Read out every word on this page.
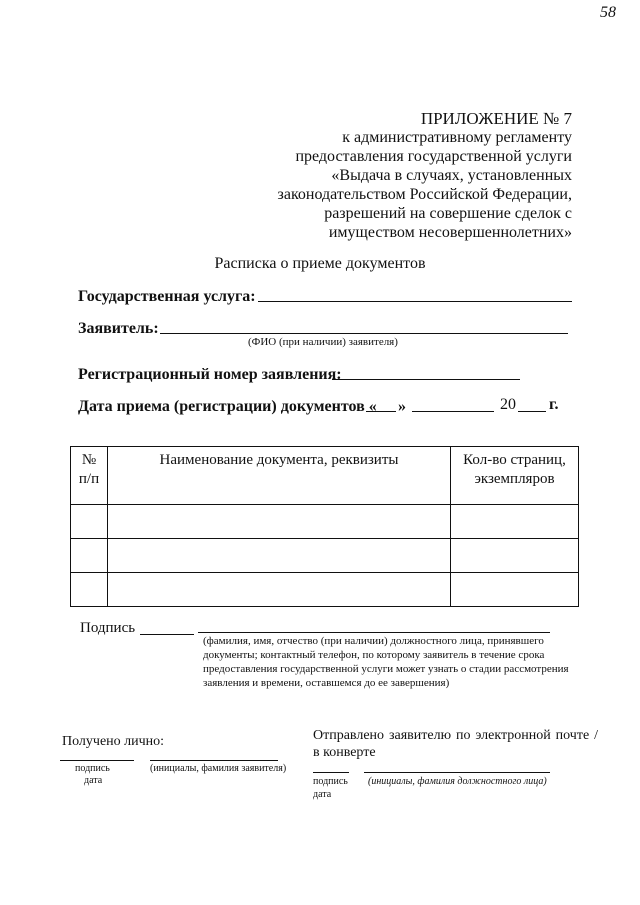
58
ПРИЛОЖЕНИЕ № 7
к административному регламенту
предоставления государственной услуги
«Выдача в случаях, установленных
законодательством Российской Федерации,
разрешений на совершение сделок с
имуществом несовершеннолетних»
Расписка о приеме документов
Государственная услуга:
Заявитель:
(ФИО (при наличии) заявителя)
Регистрационный номер заявления:
Дата приема (регистрации) документов « »	20 г.
№ п/п	Наименование документа, реквизиты	Кол-во страниц, экземпляров

Подпись
(фамилия, имя, отчество (при наличии) должностного лица, принявшего документы; контактный телефон, по которому заявитель в течение срока предоставления государственной услуги может узнать о стадии рассмотрения заявления и времени, оставшемся до ее завершения)
Получено лично:
подпись
дата
(инициалы, фамилия заявителя)
Отправлено заявителю по электронной почте / в конверте
подпись
дата
(инициалы, фамилия должностного лица)
